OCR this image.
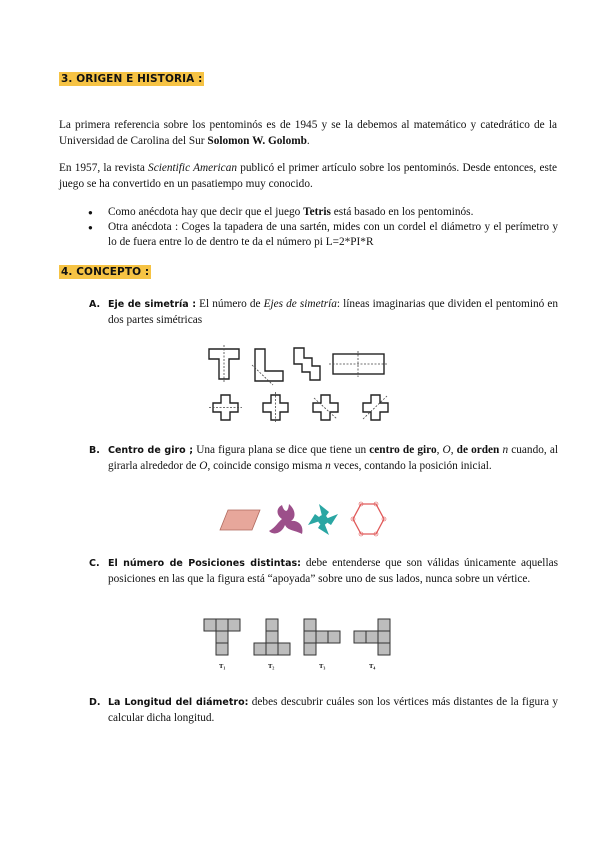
3. ORIGEN E HISTORIA :

La primera referencia sobre los pentominós es de 1945 y se la debemos al matemático y catedrático de la Universidad de Carolina del Sur Solomon W. Golomb.

En 1957, la revista Scientific American publicó el primer artículo sobre los pentominós. Desde entonces, este juego se ha convertido en un pasatiempo muy conocido.

● Como anécdota hay que decir que el juego Tetris está basado en los pentominós.
● Otra anécdota : Coges la tapadera de una sartén, mides con un cordel el diámetro y el perímetro y lo de fuera entre lo de dentro te da el número pi L=2*PI*R
4. CONCEPTO :
A. Eje de simetría : El número de Ejes de simetría: líneas imaginarias que dividen el pentominó en dos partes simétricas
B. Centro de giro ; Una figura plana se dice que tiene un centro de giro, O, de orden n cuando, al girarla alrededor de O, coincide consigo misma n veces, contando la posición inicial.
C. El número de Posiciones distintas: debe entenderse que son válidas únicamente aquellas posiciones en las que la figura está “apoyada” sobre uno de sus lados, nunca sobre un vértice.
T₁	T₂	T₃	T₄
D. La Longitud del diámetro: debes descubrir cuáles son los vértices más distantes de la figura y calcular dicha longitud.
